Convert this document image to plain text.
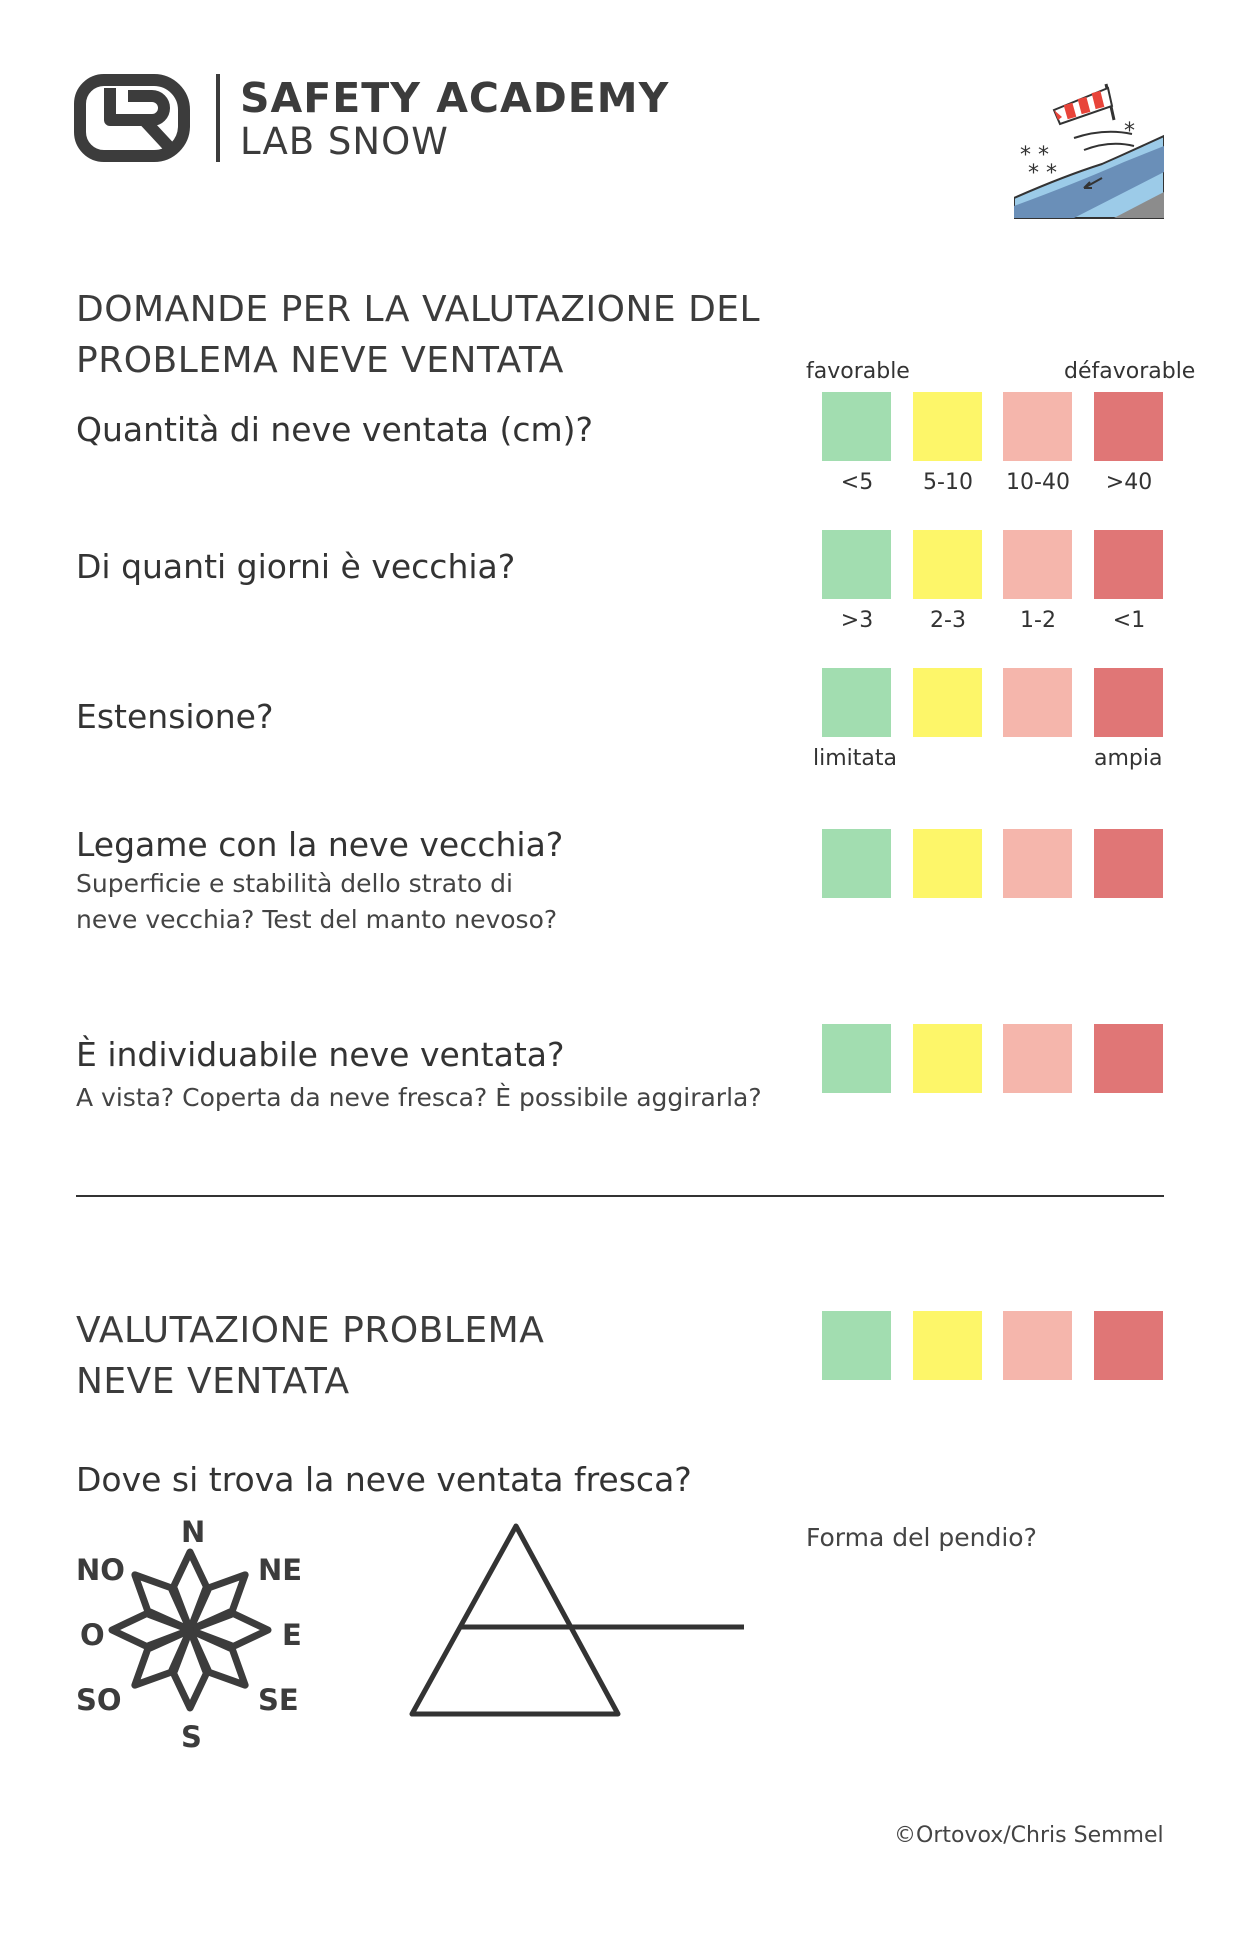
SAFETY ACADEMY
LAB SNOW	*
* *
* *
DOMANDE PER LA VALUTAZIONE DEL
PROBLEMA NEVE VENTATA	favorable	défavorable
Quantità di neve ventata (cm)?
<5	5-10	10-40	>40
Di quanti giorni è vecchia?
>3	2-3	1-2	<1
Estensione?
limitata	ampia
Legame con la neve vecchia?
Superficie e stabilità dello strato di
neve vecchia? Test del manto nevoso?
È individuabile neve ventata?
A vista? Coperta da neve fresca? È possibile aggirarla?
VALUTAZIONE PROBLEMA
NEVE VENTATA
Dove si trova la neve ventata fresca?
N
NE
E
SE
S
SO
O
NO
Forma del pendio?
©Ortovox/Chris Semmel
